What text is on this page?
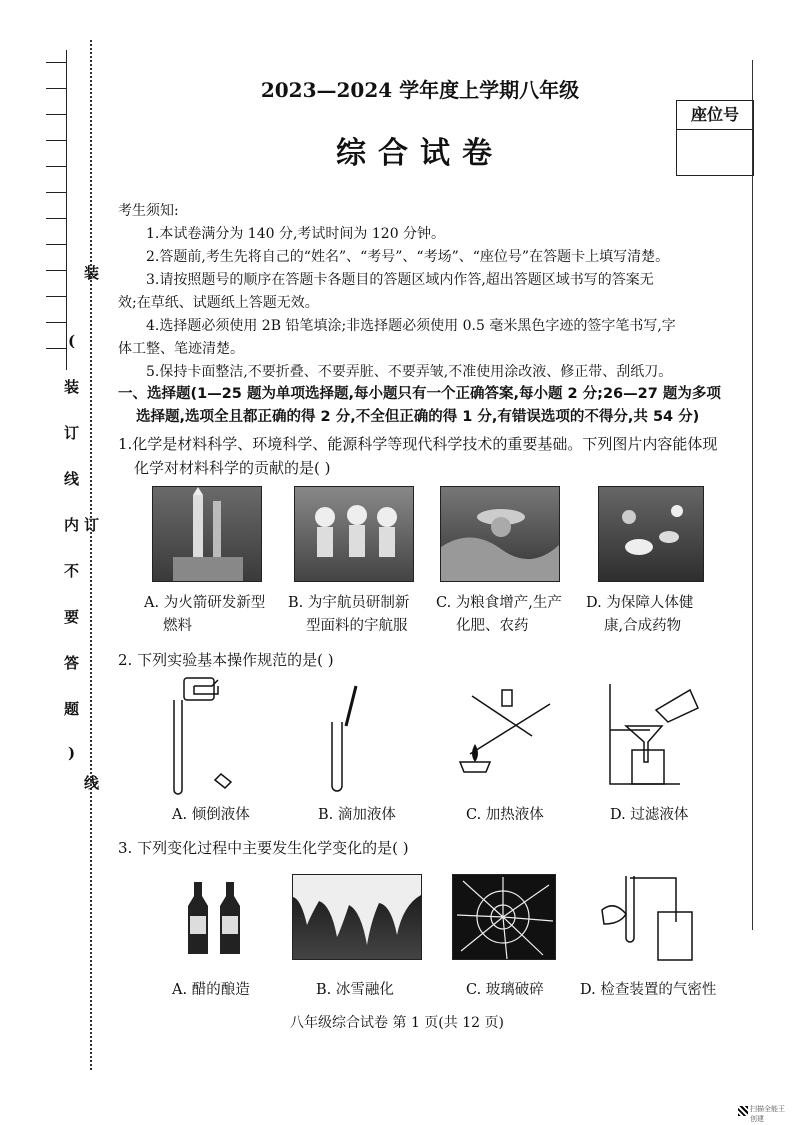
装
(
装
订
线
内 订
不
要
答
题
)
线
2023—2024 学年度上学期八年级
综合试卷
座位号
考生须知:
1.本试卷满分为 140 分,考试时间为 120 分钟。
2.答题前,考生先将自己的“姓名”、“考号”、“考场”、“座位号”在答题卡上填写清楚。
3.请按照题号的顺序在答题卡各题目的答题区域内作答,超出答题区域书写的答案无
效;在草纸、试题纸上答题无效。
4.选择题必须使用 2B 铅笔填涂;非选择题必须使用 0.5 毫米黑色字迹的签字笔书写,字
体工整、笔迹清楚。
5.保持卡面整洁,不要折叠、不要弄脏、不要弄皱,不准使用涂改液、修正带、刮纸刀。
一、选择题(1—25 题为单项选择题,每小题只有一个正确答案,每小题 2 分;26—27 题为多项
选择题,选项全且都正确的得 2 分,不全但正确的得 1 分,有错误选项的不得分,共 54 分)
1.化学是材料科学、环境科学、能源科学等现代科学技术的重要基础。下列图片内容能体现
化学对材料科学的贡献的是( )
A. 为火箭研发新型
燃料
B. 为宇航员研制新
型面料的宇航服
C. 为粮食增产,生产
化肥、农药
D. 为保障人体健
康,合成药物
2. 下列实验基本操作规范的是( )
A. 倾倒液体	B. 滴加液体	C. 加热液体	D. 过滤液体
3. 下列变化过程中主要发生化学变化的是( )
A. 醋的酿造	B. 冰雪融化	C. 玻璃破碎 D. 检查装置的气密性
八年级综合试卷 第 1 页(共 12 页)
扫描全能王 创建
